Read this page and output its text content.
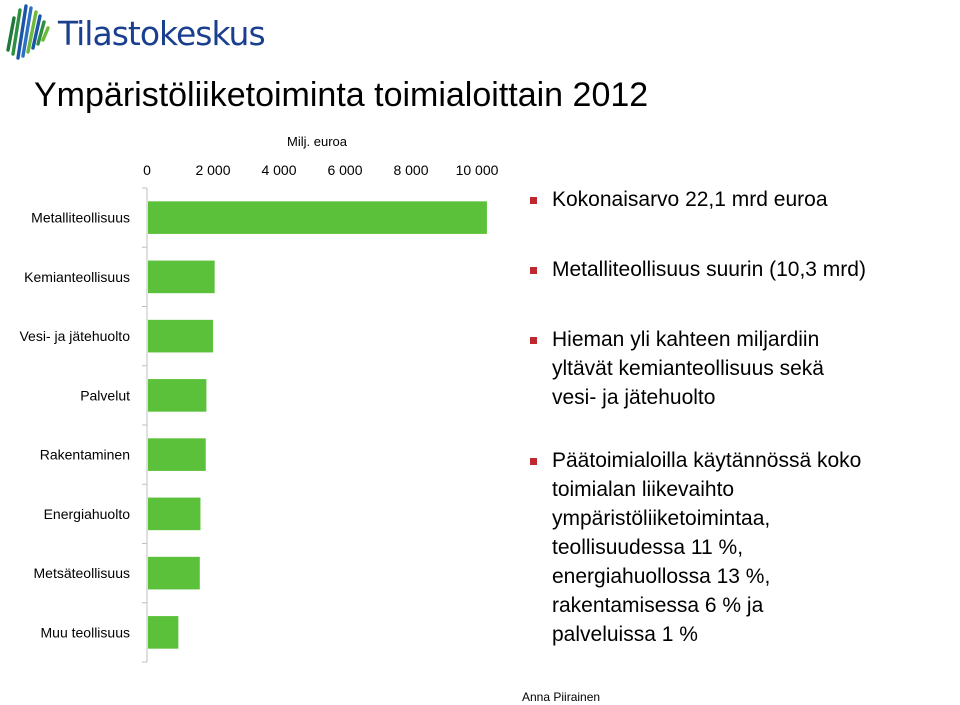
Tilastokeskus
Ympäristöliiketoiminta toimialoittain 2012
Milj. euroa
0	2 000 4 000 6 000 8 000 10 000
Metalliteollisuus
Kemianteollisuus
Vesi- ja jätehuolto
Palvelut
Rakentaminen
Energiahuolto
Metsäteollisuus
Muu teollisuus
Kokonaisarvo 22,1 mrd euroa
Metalliteollisuus suurin (10,3 mrd)
Hieman yli kahteen miljardiin
yltävät kemianteollisuus sekä
vesi- ja jätehuolto
Päätoimialoilla käytännössä koko
toimialan liikevaihto
ympäristöliiketoimintaa,
teollisuudessa 11 %,
energiahuollossa 13 %,
rakentamisessa 6 % ja
palveluissa 1 %
Anna Piirainen
